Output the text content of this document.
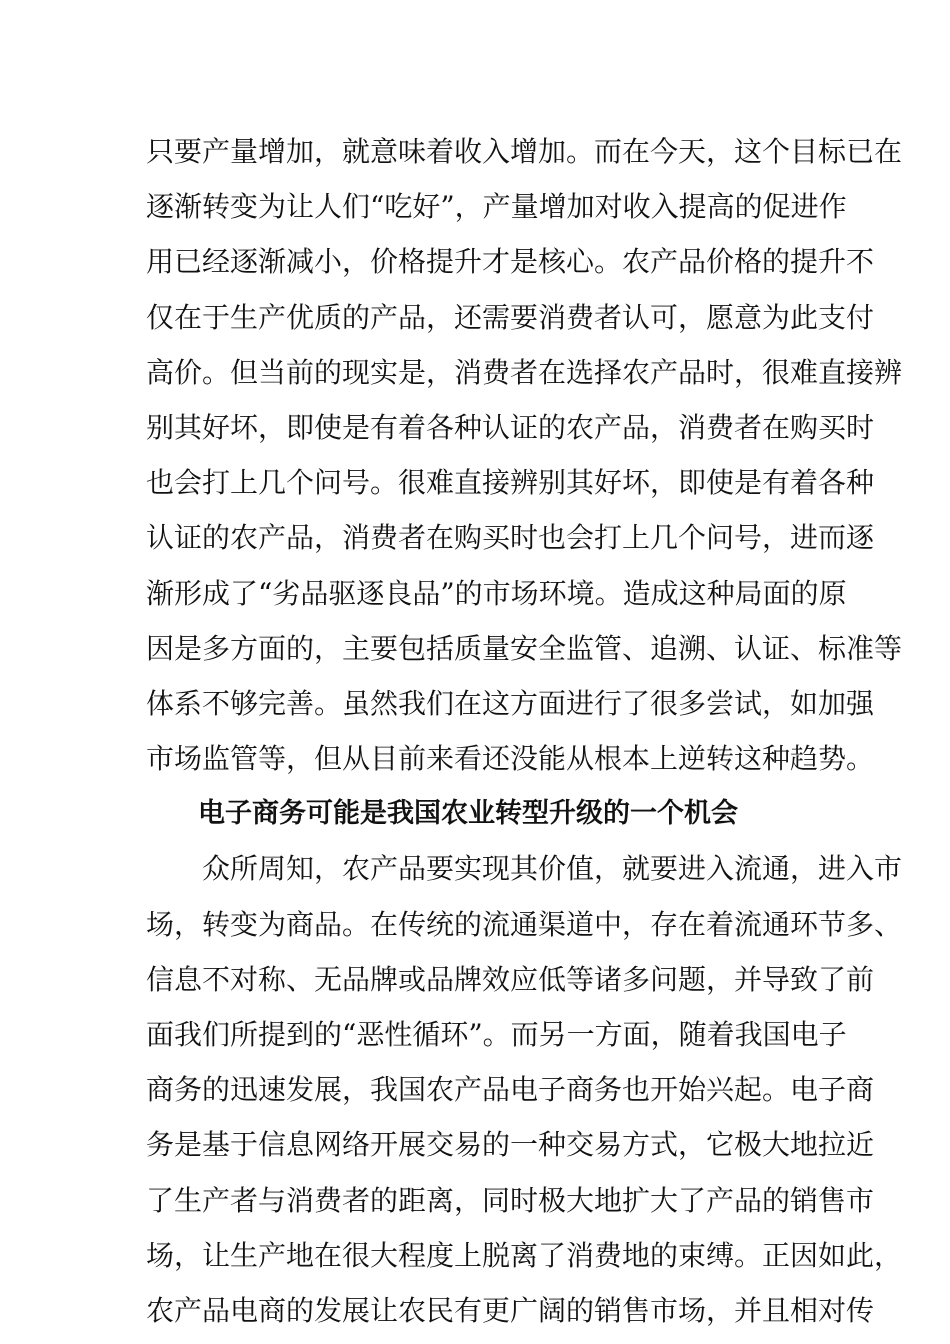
只要产量增加，就意味着收入增加。而在今天，这个目标已在
逐渐转变为让人们“吃好”，产量增加对收入提高的促进作
用已经逐渐减小，价格提升才是核心。农产品价格的提升不
仅在于生产优质的产品，还需要消费者认可，愿意为此支付
高价。但当前的现实是，消费者在选择农产品时，很难直接辨
别其好坏，即使是有着各种认证的农产品，消费者在购买时
也会打上几个问号。很难直接辨别其好坏，即使是有着各种
认证的农产品，消费者在购买时也会打上几个问号，进而逐
渐形成了“劣品驱逐良品”的市场环境。造成这种局面的原
因是多方面的，主要包括质量安全监管、追溯、认证、标准等
体系不够完善。虽然我们在这方面进行了很多尝试，如加强
市场监管等，但从目前来看还没能从根本上逆转这种趋势。
电子商务可能是我国农业转型升级的一个机会
众所周知，农产品要实现其价值，就要进入流通，进入市
场，转变为商品。在传统的流通渠道中，存在着流通环节多、
信息不对称、无品牌或品牌效应低等诸多问题，并导致了前
面我们所提到的“恶性循环”。而另一方面，随着我国电子
商务的迅速发展，我国农产品电子商务也开始兴起。电子商
务是基于信息网络开展交易的一种交易方式，它极大地拉近
了生产者与消费者的距离，同时极大地扩大了产品的销售市
场，让生产地在很大程度上脱离了消费地的束缚。正因如此，
农产品电商的发展让农民有更广阔的销售市场，并且相对传
